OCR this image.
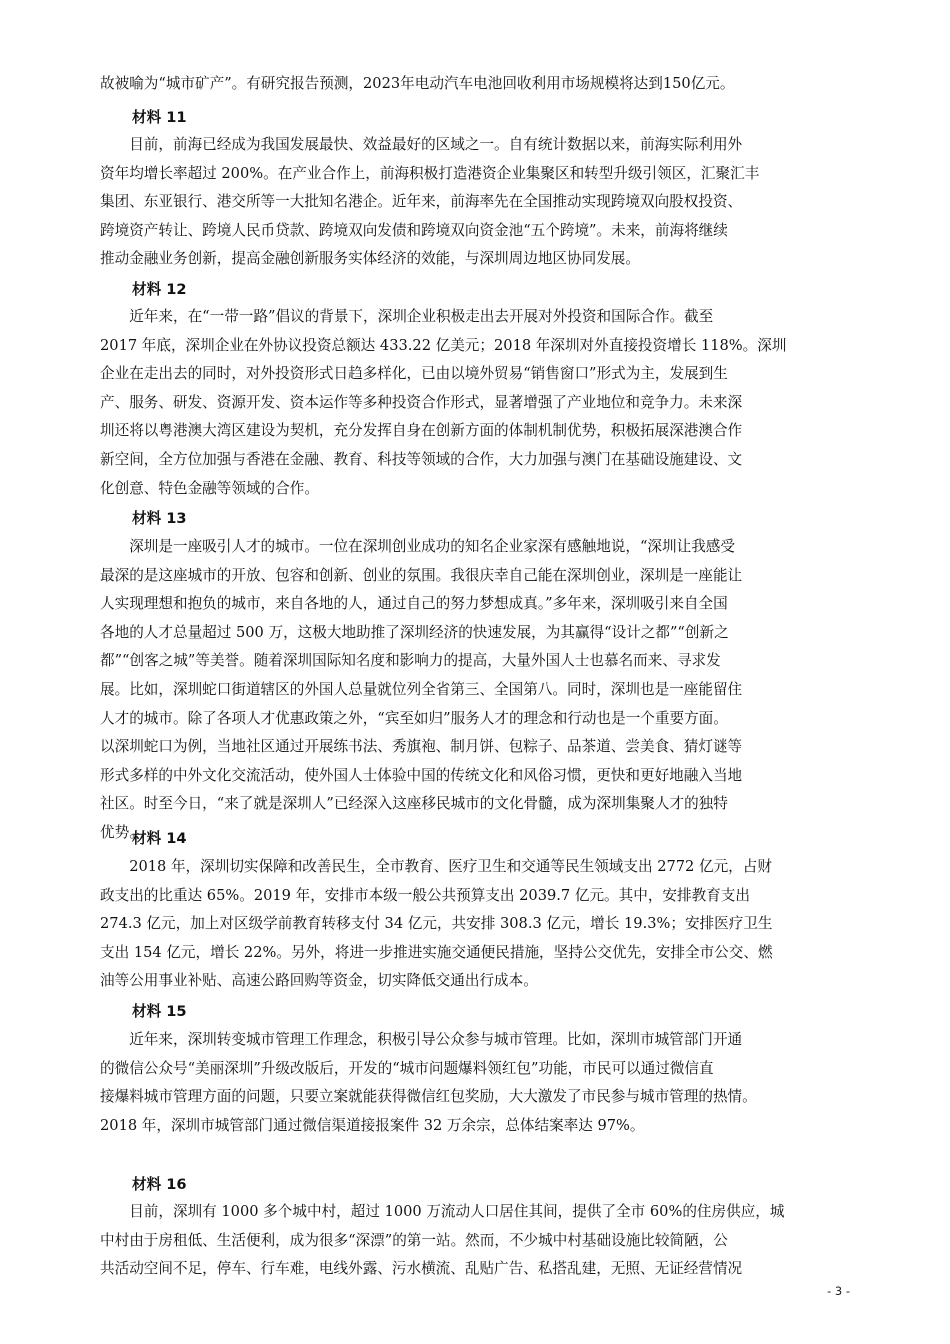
故被喻为“城市矿产”。有研究报告预测，2023年电动汽车电池回收利用市场规模将达到150亿元。
材料 11
目前，前海已经成为我国发展最快、效益最好的区域之一。自有统计数据以来，前海实际利用外
资年均增长率超过 200%。在产业合作上，前海积极打造港资企业集聚区和转型升级引领区，汇聚汇丰
集团、东亚银行、港交所等一大批知名港企。近年来，前海率先在全国推动实现跨境双向股权投资、
跨境资产转让、跨境人民币贷款、跨境双向发债和跨境双向资金池“五个跨境”。未来，前海将继续
推动金融业务创新，提高金融创新服务实体经济的效能，与深圳周边地区协同发展。
材料 12
近年来，在“一带一路”倡议的背景下，深圳企业积极走出去开展对外投资和国际合作。截至
2017 年底，深圳企业在外协议投资总额达 433.22 亿美元；2018 年深圳对外直接投资增长 118%。深圳
企业在走出去的同时，对外投资形式日趋多样化，已由以境外贸易“销售窗口”形式为主，发展到生
产、服务、研发、资源开发、资本运作等多种投资合作形式，显著增强了产业地位和竞争力。未来深
圳还将以粤港澳大湾区建设为契机，充分发挥自身在创新方面的体制机制优势，积极拓展深港澳合作
新空间，全方位加强与香港在金融、教育、科技等领域的合作，大力加强与澳门在基础设施建设、文
化创意、特色金融等领域的合作。
材料 13
深圳是一座吸引人才的城市。一位在深圳创业成功的知名企业家深有感触地说，“深圳让我感受
最深的是这座城市的开放、包容和创新、创业的氛围。我很庆幸自己能在深圳创业，深圳是一座能让
人实现理想和抱负的城市，来自各地的人，通过自己的努力梦想成真。”多年来，深圳吸引来自全国
各地的人才总量超过 500 万，这极大地助推了深圳经济的快速发展，为其赢得“设计之都”“创新之
都”“创客之城”等美誉。随着深圳国际知名度和影响力的提高，大量外国人士也慕名而来、寻求发
展。比如，深圳蛇口街道辖区的外国人总量就位列全省第三、全国第八。同时，深圳也是一座能留住
人才的城市。除了各项人才优惠政策之外，“宾至如归”服务人才的理念和行动也是一个重要方面。
以深圳蛇口为例，当地社区通过开展练书法、秀旗袍、制月饼、包粽子、品茶道、尝美食、猜灯谜等
形式多样的中外文化交流活动，使外国人士体验中国的传统文化和风俗习惯，更快和更好地融入当地
社区。时至今日，“来了就是深圳人”已经深入这座移民城市的文化骨髓，成为深圳集聚人才的独特
优势。
材料 14
2018 年，深圳切实保障和改善民生，全市教育、医疗卫生和交通等民生领域支出 2772 亿元，占财
政支出的比重达 65%。2019 年，安排市本级一般公共预算支出 2039.7 亿元。其中，安排教育支出
274.3 亿元，加上对区级学前教育转移支付 34 亿元，共安排 308.3 亿元，增长 19.3%；安排医疗卫生
支出 154 亿元，增长 22%。另外，将进一步推进实施交通便民措施，坚持公交优先，安排全市公交、燃
油等公用事业补贴、高速公路回购等资金，切实降低交通出行成本。
材料 15
近年来，深圳转变城市管理工作理念，积极引导公众参与城市管理。比如，深圳市城管部门开通
的微信公众号“美丽深圳”升级改版后，开发的“城市问题爆料领红包”功能，市民可以通过微信直
接爆料城市管理方面的问题，只要立案就能获得微信红包奖励，大大激发了市民参与城市管理的热情。
2018 年，深圳市城管部门通过微信渠道接报案件 32 万余宗，总体结案率达 97%。
材料 16
目前，深圳有 1000 多个城中村，超过 1000 万流动人口居住其间，提供了全市 60%的住房供应，城
中村由于房租低、生活便利，成为很多“深漂”的第一站。然而，不少城中村基础设施比较简陋，公
共活动空间不足，停车、行车难，电线外露、污水横流、乱贴广告、私搭乱建，无照、无证经营情况
- 3 -
